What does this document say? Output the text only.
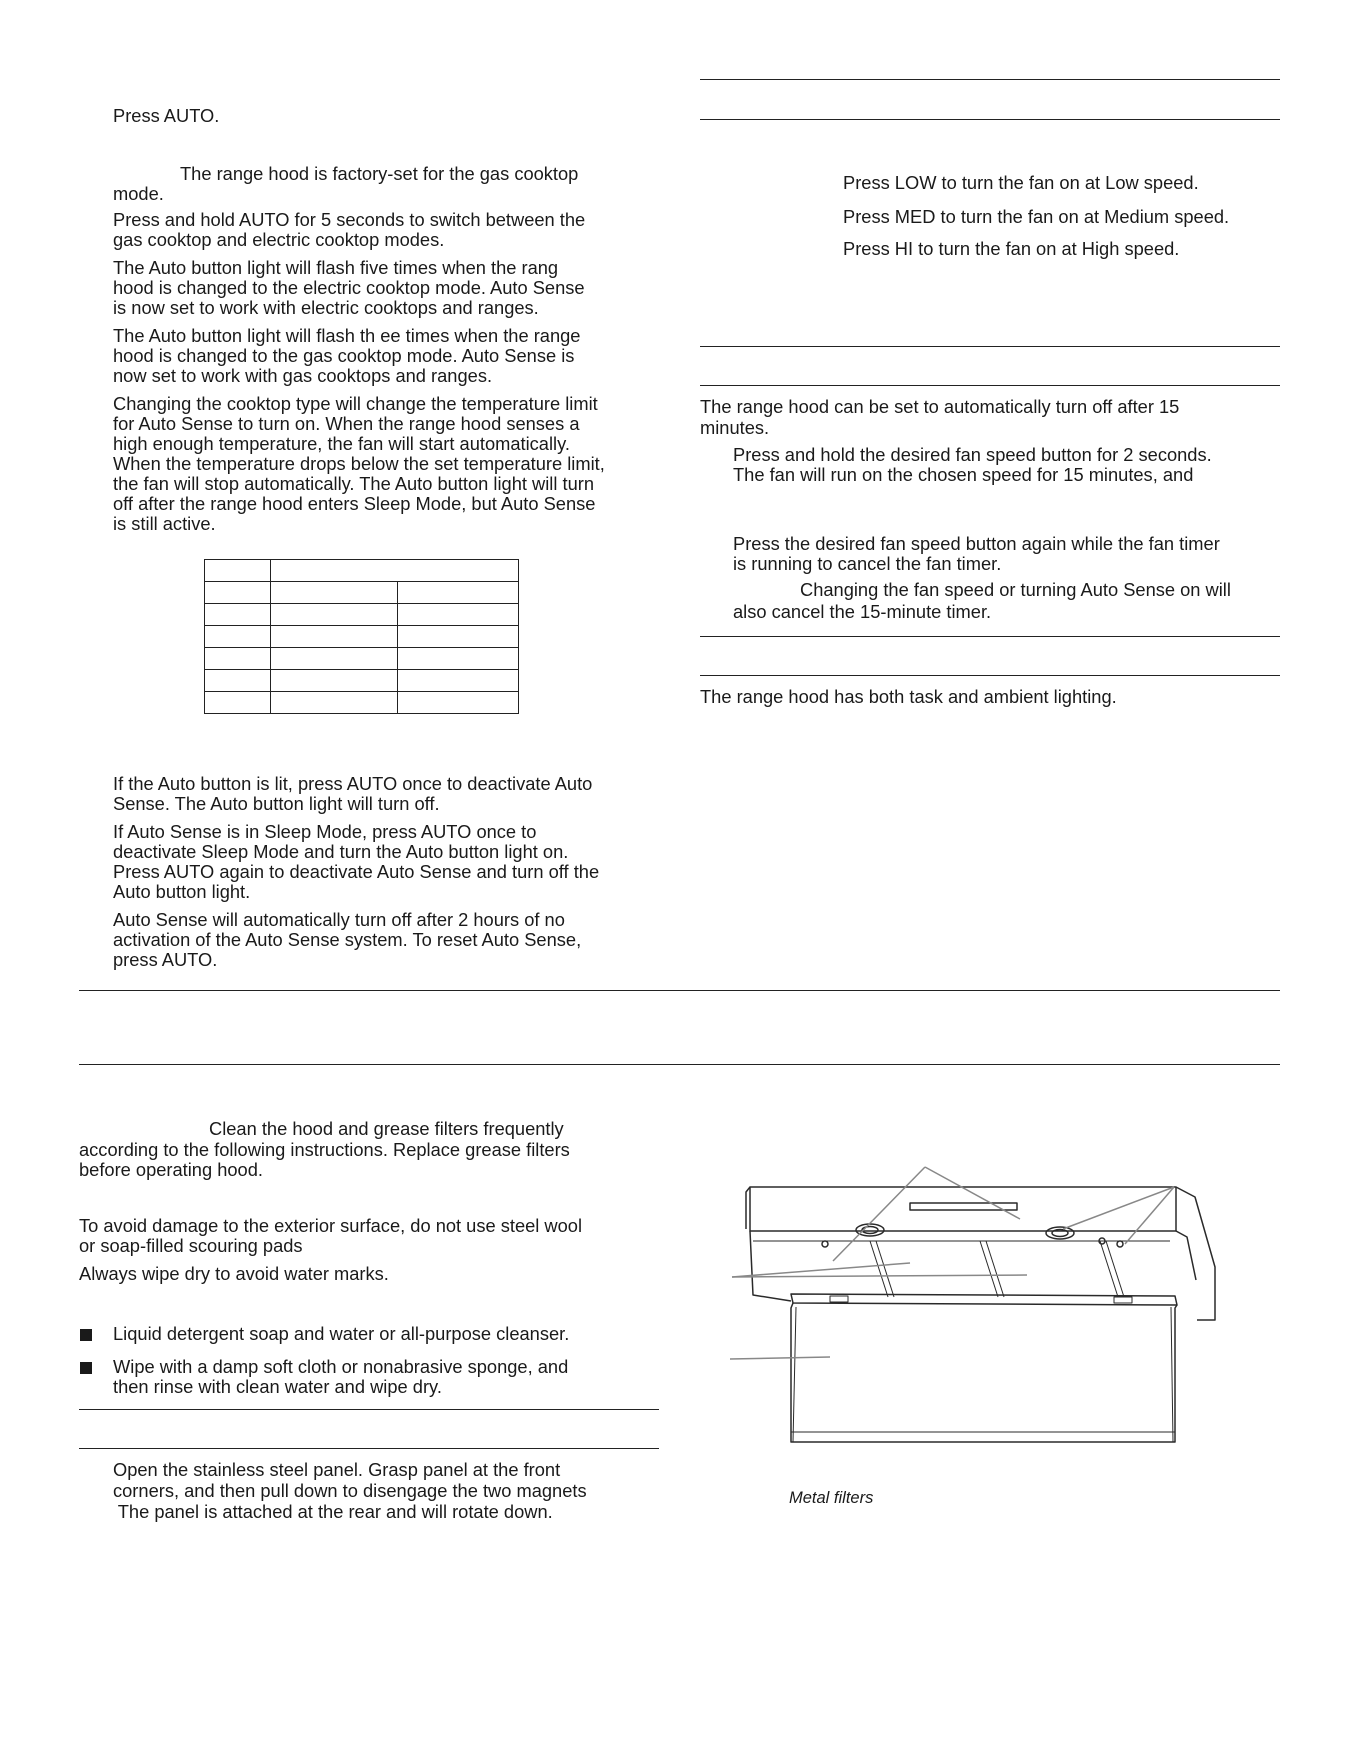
Press AUTO.
The range hood is factory-set for the gas cooktop
mode.
Press and hold AUTO for 5 seconds to switch between the
gas cooktop and electric cooktop modes.
The Auto button light will flash five times when the rang
hood is changed to the electric cooktop mode. Auto Sense
is now set to work with electric cooktops and ranges.
The Auto button light will flash th ee times when the range
hood is changed to the gas cooktop mode. Auto Sense is
now set to work with gas cooktops and ranges.
Changing the cooktop type will change the temperature limit
for Auto Sense to turn on. When the range hood senses a
high enough temperature, the fan will start automatically.
When the temperature drops below the set temperature limit,
the fan will stop automatically. The Auto button light will turn
off after the range hood enters Sleep Mode, but Auto Sense
is still active.

If the Auto button is lit, press AUTO once to deactivate Auto
Sense. The Auto button light will turn off.
If Auto Sense is in Sleep Mode, press AUTO once to
deactivate Sleep Mode and turn the Auto button light on.
Press AUTO again to deactivate Auto Sense and turn off the
Auto button light.
Auto Sense will automatically turn off after 2 hours of no
activation of the Auto Sense system. To reset Auto Sense,
press AUTO.
Press LOW to turn the fan on at Low speed.
Press MED to turn the fan on at Medium speed.
Press HI to turn the fan on at High speed.
The range hood can be set to automatically turn off after 15
minutes.
Press and hold the desired fan speed button for 2 seconds.
The fan will run on the chosen speed for 15 minutes, and
Press the desired fan speed button again while the fan timer
is running to cancel the fan timer.
Changing the fan speed or turning Auto Sense on will
also cancel the 15-minute timer.
The range hood has both task and ambient lighting.
Clean the hood and grease filters frequently
according to the following instructions. Replace grease filters
before operating hood.
To avoid damage to the exterior surface, do not use steel wool
or soap-filled scouring pads
Always wipe dry to avoid water marks.
Liquid detergent soap and water or all-purpose cleanser.
Wipe with a damp soft cloth or nonabrasive sponge, and
then rinse with clean water and wipe dry.
Open the stainless steel panel. Grasp panel at the front
corners, and then pull down to disengage the two magnets
The panel is attached at the rear and will rotate down.
Metal filters
